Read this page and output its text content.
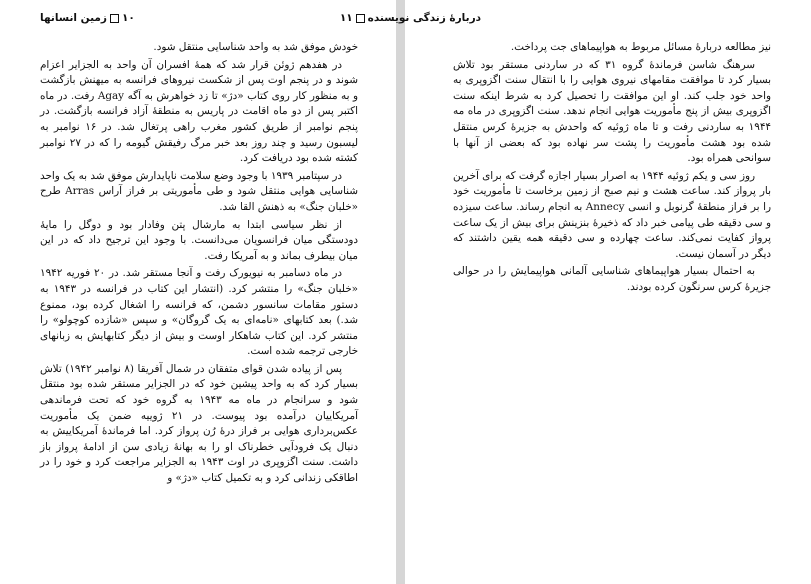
۱۰زمین انسانها

خودش موفق شد به واحد شناسایی منتقل شود.

در هفدهم ژوئن قرار شد که همهٔ افسران آن واحد به الجزایر اعزام شوند و در پنجم اوت پس از شکست نیروهای فرانسه به میهنش بازگشت و به منظور کار روی کتاب «دژ» تا زد خواهرش به آگه Agay رفت. در ماه اکتبر پس از دو ماه اقامت در پاریس به منطقهٔ آزاد فرانسه بازگشت. در پنجم نوامبر از طریق کشور مغرب راهی پرتغال شد. در ۱۶ نوامبر به لیسبون رسید و چند روز بعد خبر مرگ رفیقش گیومه را که در ۲۷ نوامبر کشته شده بود دریافت کرد.

در سپتامبر ۱۹۳۹ با وجود وضع سلامت ناپایدارش موفق شد به یک واحد شناسایی هوایی منتقل شود و طی مأموریتی بر فراز آراس Arras طرح «خلبان جنگ» به ذهنش القا شد.

از نظر سیاسی ابتدا به مارشال پتن وفادار بود و دوگل را مایهٔ دودستگی میان فرانسویان می‌دانست. با وجود این ترجیح داد که در این میان بیطرف بماند و به آمریکا رفت.

در ماه دسامبر به نیویورک رفت و آنجا مستقر شد. در ۲۰ فوریه ۱۹۴۲ «خلبان جنگ» را منتشر کرد. (انتشار این کتاب در فرانسه در ۱۹۴۳ به دستور مقامات سانسور دشمن، که فرانسه را اشغال کرده بود، ممنوع شد.) بعد کتابهای «نامه‌ای به یک گروگان» و سپس «شازده کوچولو» را منتشر کرد. این کتاب شاهکار اوست و بیش از دیگر کتابهایش به زبانهای خارجی ترجمه شده است.

پس از پیاده شدن قوای متفقان در شمال آفریقا (۸ نوامبر ۱۹۴۲) تلاش بسیار کرد که به واحد پیشین خود که در الجزایر مستقر شده بود منتقل شود و سرانجام در ماه مه ۱۹۴۳ به گروه خود که تحت فرماندهی آمریکاییان درآمده بود پیوست. در ۲۱ ژوییه ضمن یک مأموریت عکس‌برداری هوایی بر فراز درهٔ رُن پرواز کرد. اما فرماندهٔ آمریکاییش به دنبال یک فرودآیی خطرناک او را به بهانهٔ زیادی سن از ادامهٔ پرواز باز داشت. سنت اگزوپری در اوت ۱۹۴۳ به الجزایر مراجعت کرد و خود را در اطاقکی زندانی کرد و به تکمیل کتاب «دژ» و

دربارهٔ زندگی نویسنده۱۱

نیز مطالعه دربارهٔ مسائل مربوط به هواپیماهای جت پرداخت.

سرهنگ شاسن فرماندهٔ گروه ۳۱ که در ساردنی مستقر بود تلاش بسیار کرد تا موافقت مقامهای نیروی هوایی را با انتقال سنت اگزوپری به واحد خود جلب کند. او این موافقت را تحصیل کرد به شرط اینکه سنت اگزوپری بیش از پنج مأموریت هوایی انجام ندهد. سنت اگزوپری در ماه مه ۱۹۴۴ به ساردنی رفت و تا ماه ژوئیه که واحدش به جزیرهٔ کرس منتقل شده بود هشت مأموریت را پشت سر نهاده بود که بعضی از آنها با سوانحی همراه بود.

روز سی و یکم ژوئیه ۱۹۴۴ به اصرار بسیار اجازه گرفت که برای آخرین بار پرواز کند. ساعت هشت و نیم صبح از زمین برخاست تا مأموریت خود را بر فراز منطقهٔ گرنوبل و انسی Annecy به انجام رساند. ساعت سیزده و سی دقیقه طی پیامی خبر داد که ذخیرهٔ بنزینش برای بیش از یک ساعت پرواز کفایت نمی‌کند. ساعت چهارده و سی دقیقه همه یقین داشتند که دیگر در آسمان نیست.

به احتمال بسیار هواپیماهای شناسایی آلمانی هواپیمایش را در حوالی جزیرهٔ کرس سرنگون کرده بودند.
